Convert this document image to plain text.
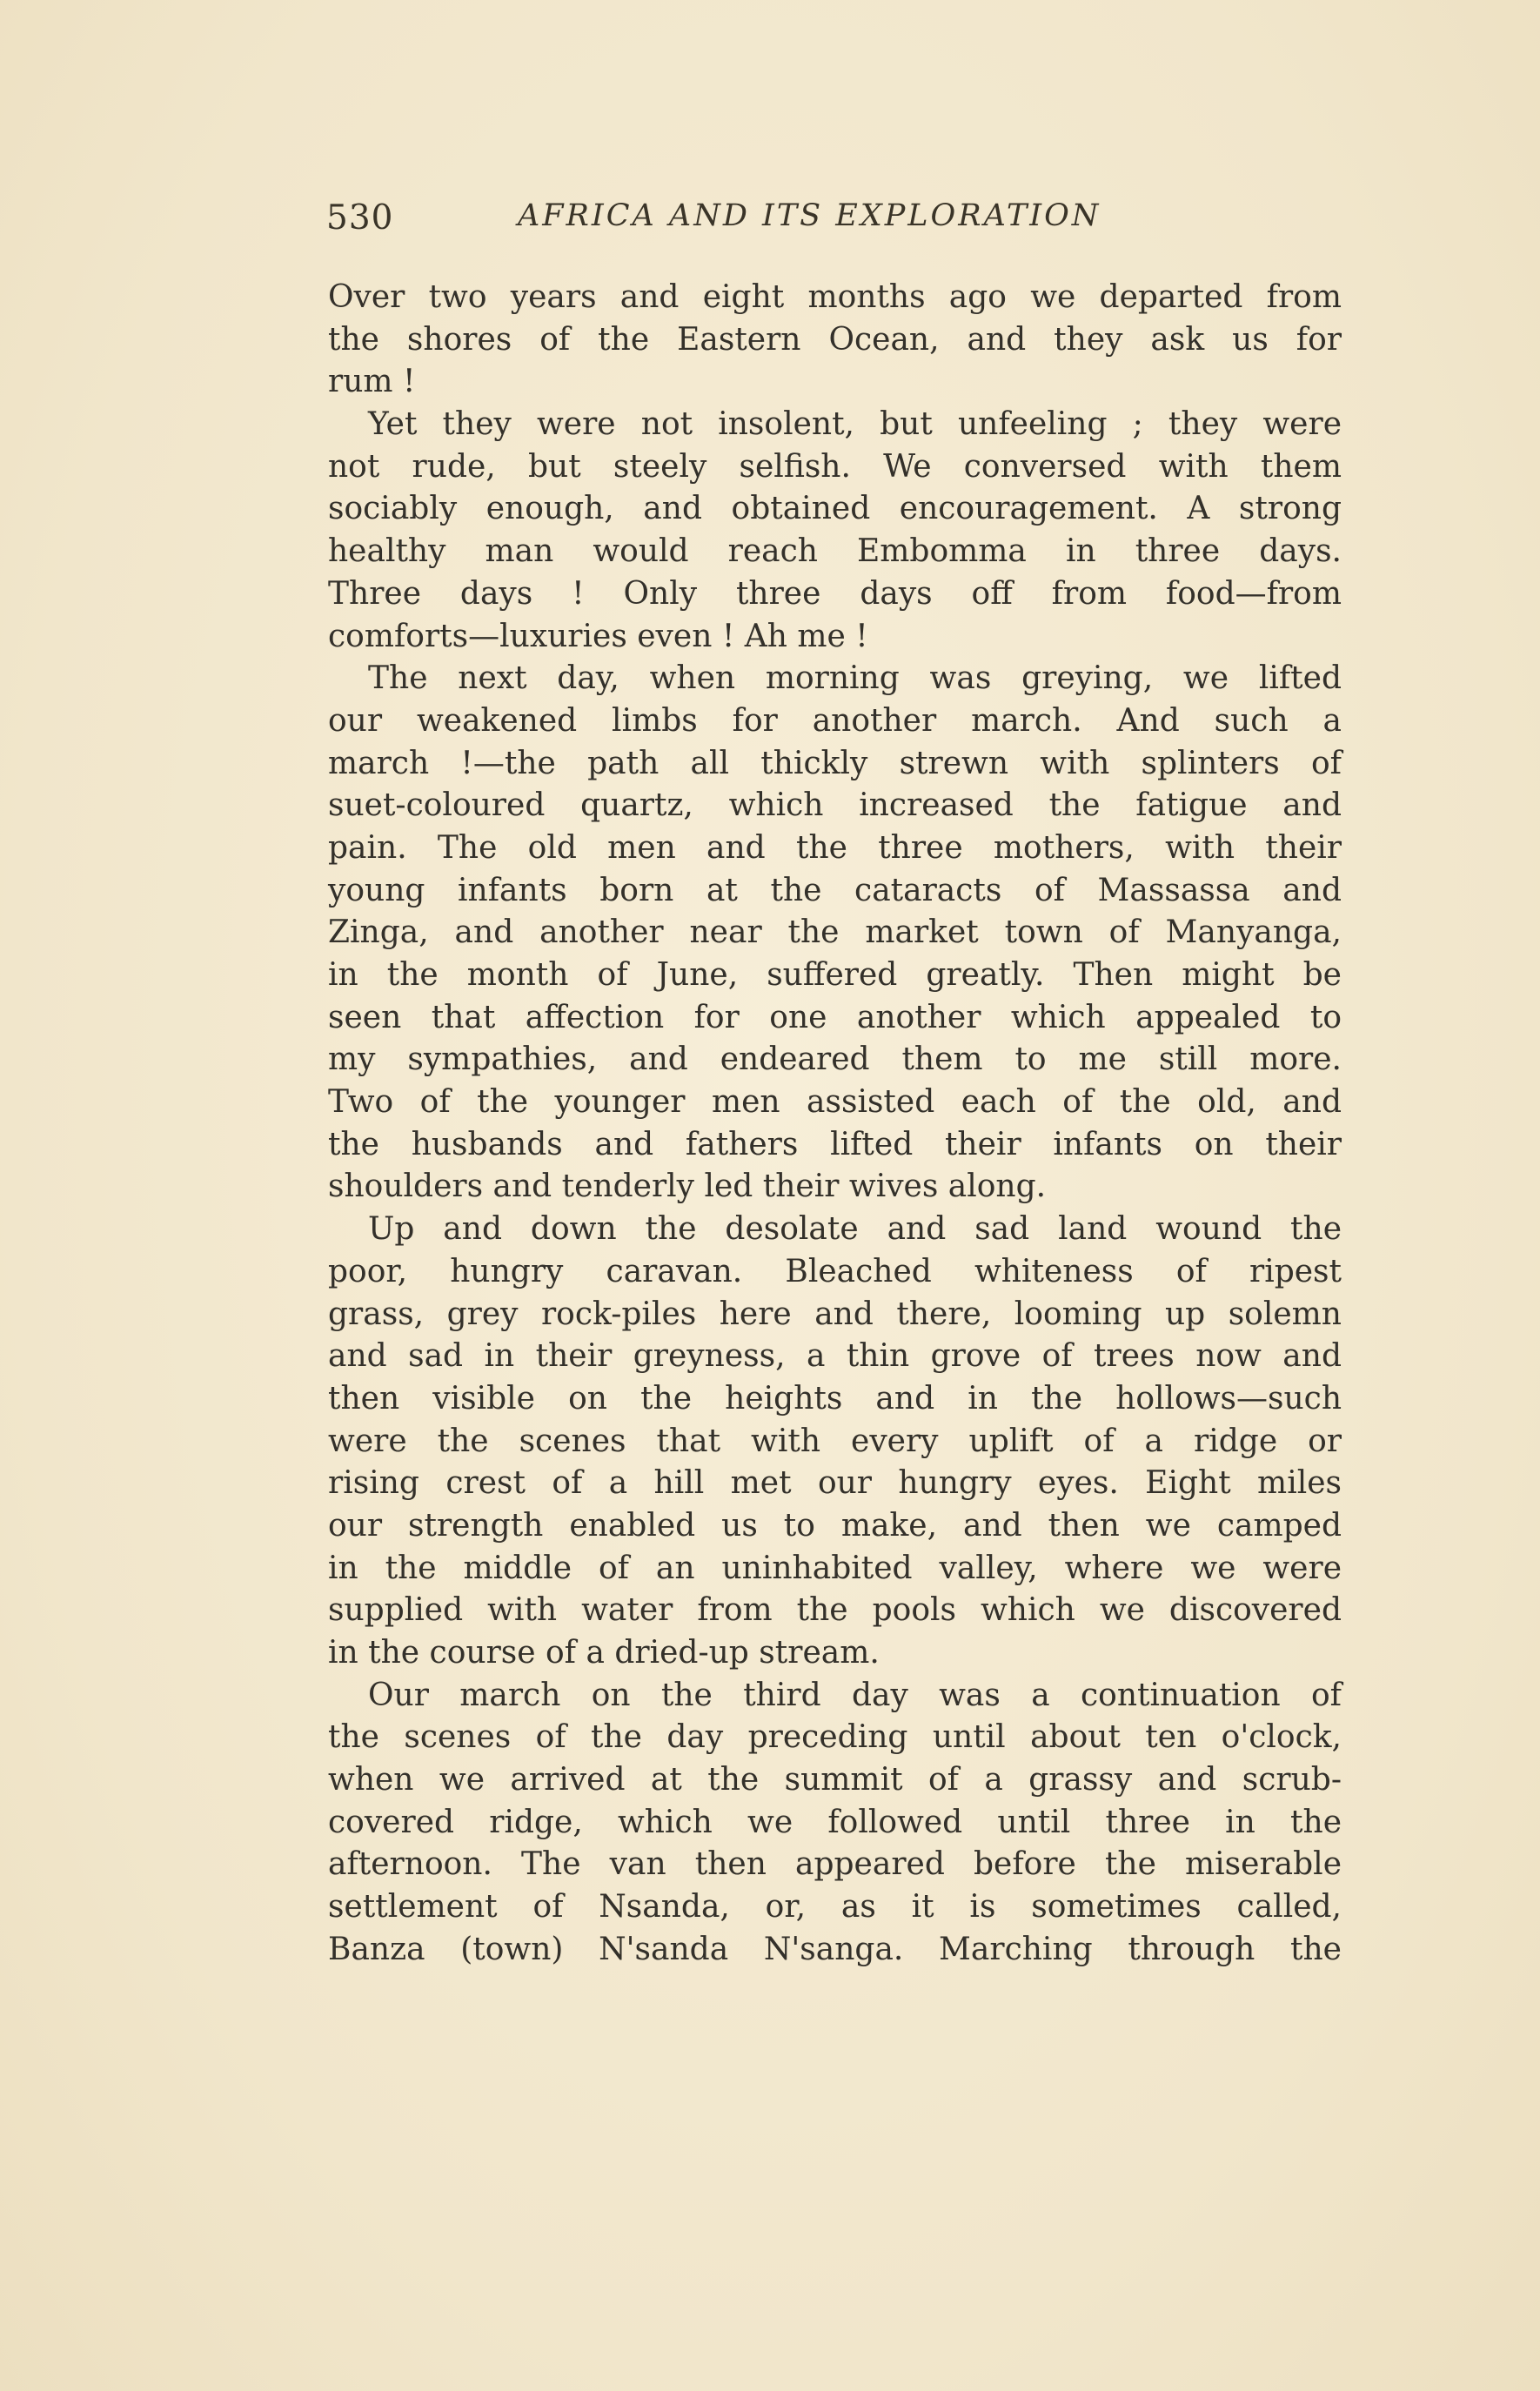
530	AFRICA AND ITS EXPLORATION
Over two years and eight months ago we departed from
the shores of the Eastern Ocean, and they ask us for
rum !
Yet they were not insolent, but unfeeling ; they were
not rude, but steely selfish. We conversed with them
sociably enough, and obtained encouragement. A strong
healthy man would reach Embomma in three days.
Three days ! Only three days off from food—from
comforts—luxuries even ! Ah me !
The next day, when morning was greying, we lifted
our weakened limbs for another march. And such a
march !—the path all thickly strewn with splinters of
suet-coloured quartz, which increased the fatigue and
pain. The old men and the three mothers, with their
young infants born at the cataracts of Massassa and
Zinga, and another near the market town of Manyanga,
in the month of June, suffered greatly. Then might be
seen that affection for one another which appealed to
my sympathies, and endeared them to me still more.
Two of the younger men assisted each of the old, and
the husbands and fathers lifted their infants on their
shoulders and tenderly led their wives along.
Up and down the desolate and sad land wound the
poor, hungry caravan. Bleached whiteness of ripest
grass, grey rock-piles here and there, looming up solemn
and sad in their greyness, a thin grove of trees now and
then visible on the heights and in the hollows—such
were the scenes that with every uplift of a ridge or
rising crest of a hill met our hungry eyes. Eight miles
our strength enabled us to make, and then we camped
in the middle of an uninhabited valley, where we were
supplied with water from the pools which we discovered
in the course of a dried-up stream.
Our march on the third day was a continuation of
the scenes of the day preceding until about ten o'clock,
when we arrived at the summit of a grassy and scrub-
covered ridge, which we followed until three in the
afternoon. The van then appeared before the miserable
settlement of Nsanda, or, as it is sometimes called,
Banza (town) N'sanda N'sanga. Marching through the
